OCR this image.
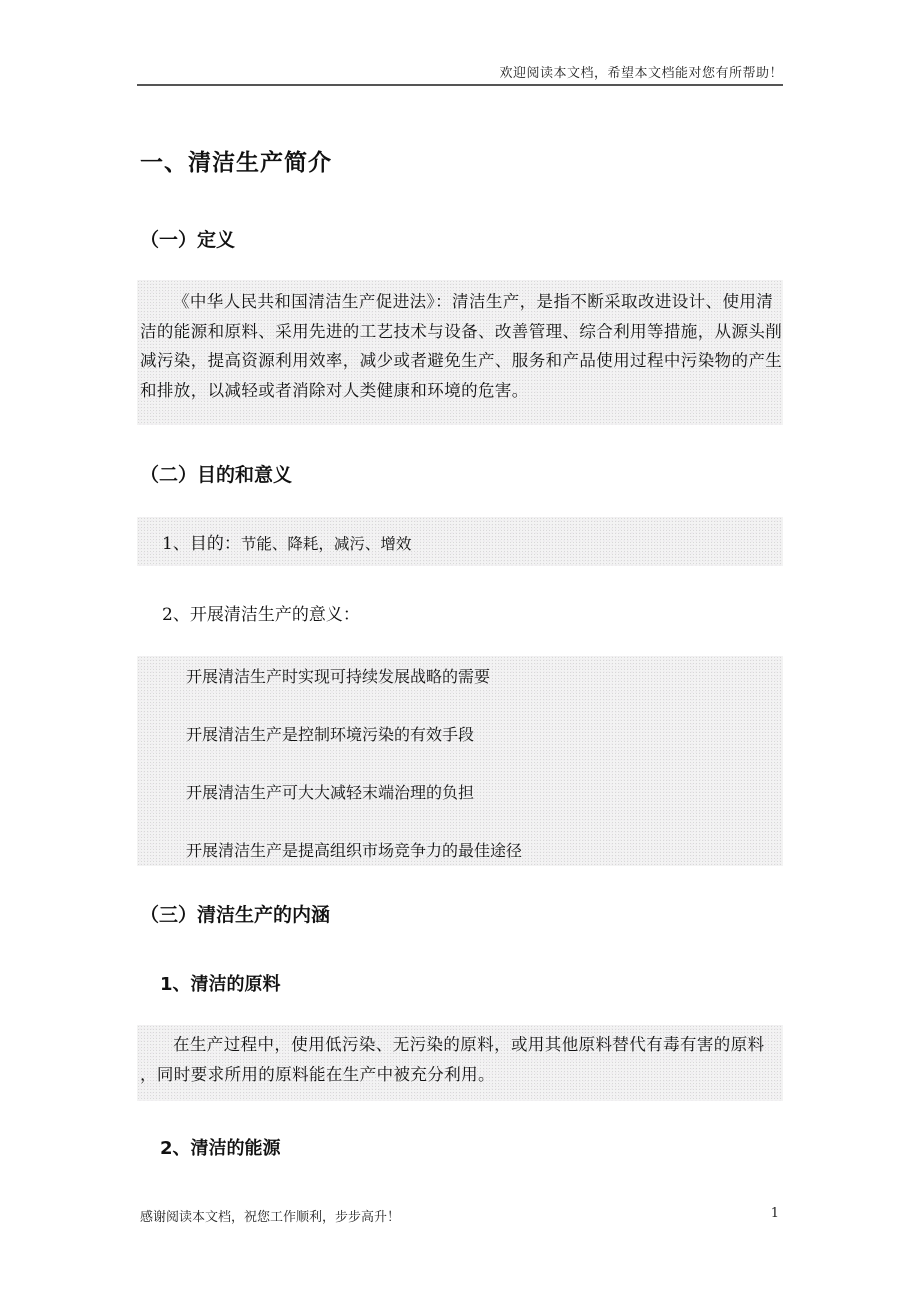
欢迎阅读本文档，希望本文档能对您有所帮助！
一、清洁生产简介
（一）定义
《中华人民共和国清洁生产促进法》：清洁生产，是指不断采取改进设计、使用清洁的能源和原料、采用先进的工艺技术与设备、改善管理、综合利用等措施，从源头削减污染，提高资源利用效率，减少或者避免生产、服务和产品使用过程中污染物的产生和排放，以减轻或者消除对人类健康和环境的危害。
（二）目的和意义
1、目的：节能、降耗，减污、增效
2、开展清洁生产的意义：
开展清洁生产时实现可持续发展战略的需要
开展清洁生产是控制环境污染的有效手段
开展清洁生产可大大减轻末端治理的负担
开展清洁生产是提高组织市场竞争力的最佳途径
（三）清洁生产的内涵
1、清洁的原料
在生产过程中，使用低污染、无污染的原料，或用其他原料替代有毒有害的原料 ，同时要求所用的原料能在生产中被充分利用。
2、清洁的能源
感谢阅读本文档，祝您工作顺利，步步高升！	1
